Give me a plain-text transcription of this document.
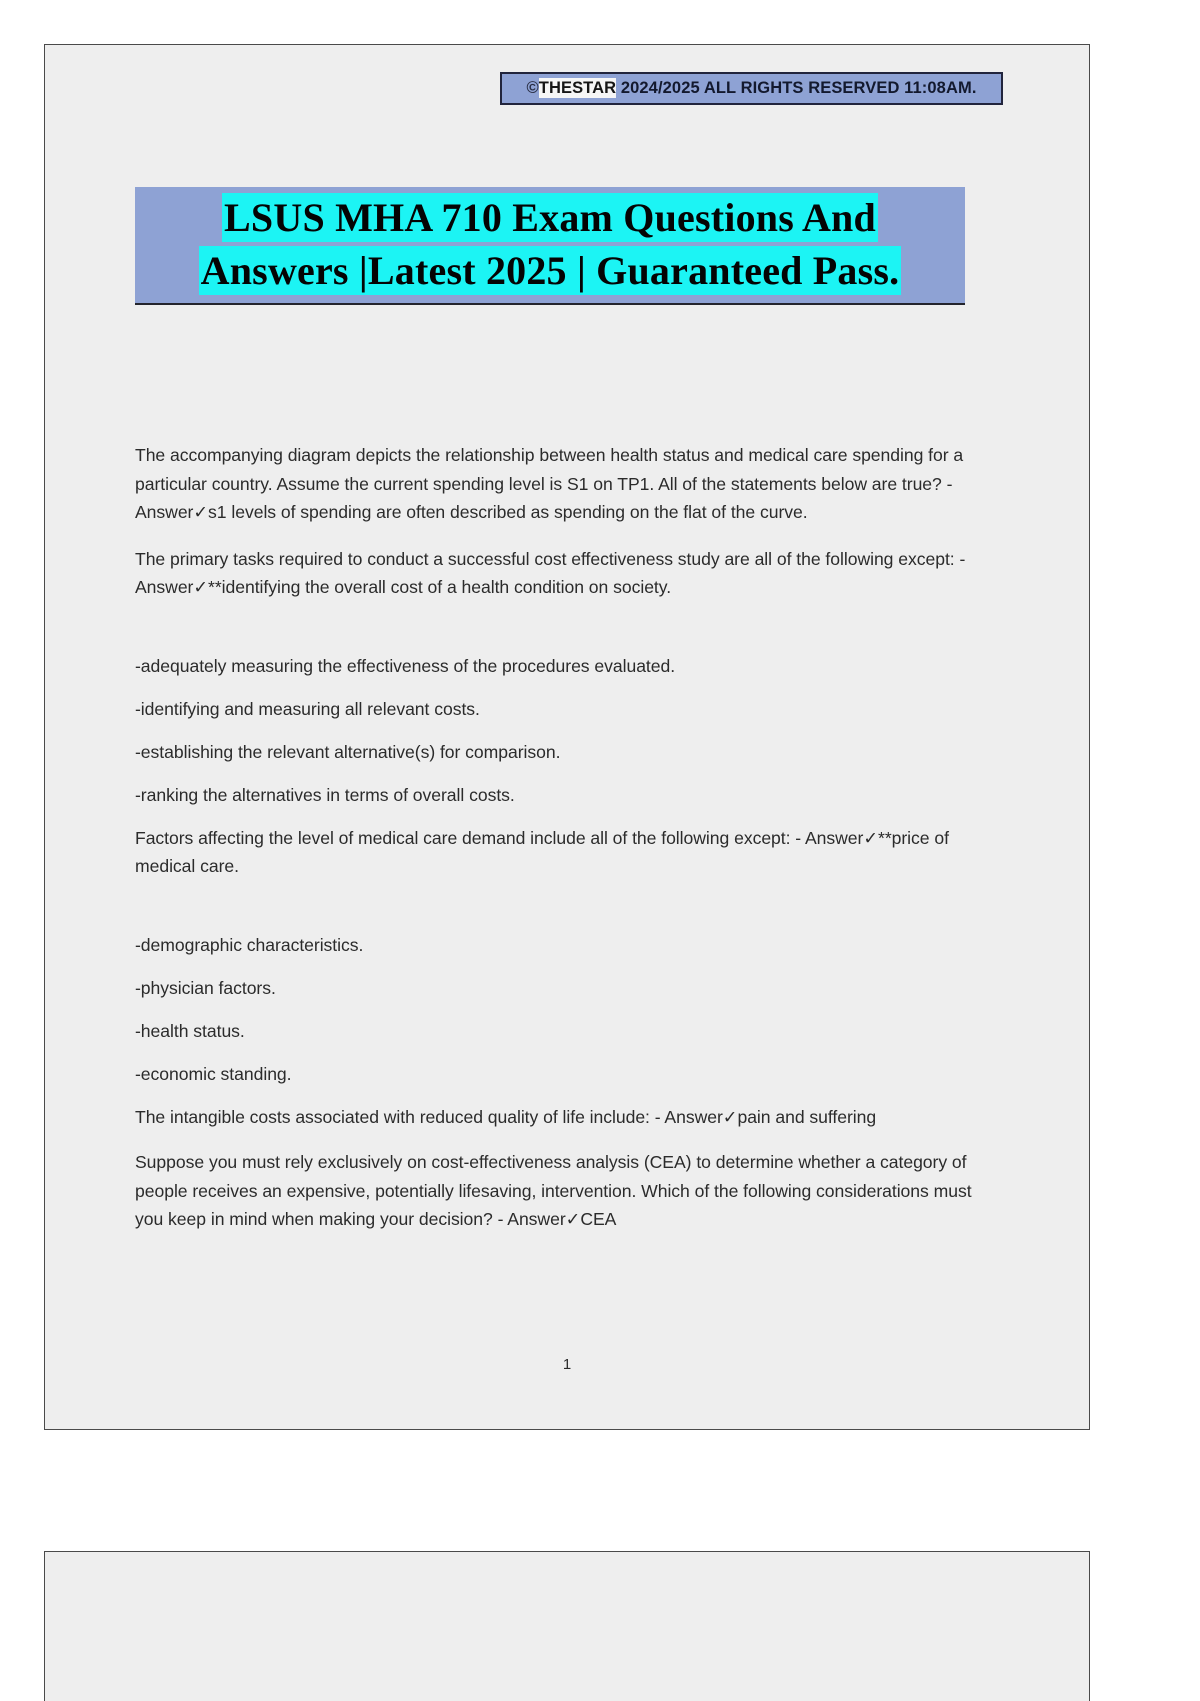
©THESTAR 2024/2025 ALL RIGHTS RESERVED 11:08AM.
LSUS MHA 710 Exam Questions And
Answers |Latest 2025 | Guaranteed Pass.

The accompanying diagram depicts the relationship between health status and medical care spending for a particular country. Assume the current spending level is S1 on TP1. All of the statements below are true? - Answer✓s1 levels of spending are often described as spending on the flat of the curve.

The primary tasks required to conduct a successful cost effectiveness study are all of the following except: - Answer✓**identifying the overall cost of a health condition on society.

-adequately measuring the effectiveness of the procedures evaluated.

-identifying and measuring all relevant costs.

-establishing the relevant alternative(s) for comparison.

-ranking the alternatives in terms of overall costs.

Factors affecting the level of medical care demand include all of the following except: - Answer✓**price of medical care.

-demographic characteristics.

-physician factors.

-health status.

-economic standing.

The intangible costs associated with reduced quality of life include: - Answer✓pain and suffering

Suppose you must rely exclusively on cost-effectiveness analysis (CEA) to determine whether a category of people receives an expensive, potentially lifesaving, intervention. Which of the following considerations must you keep in mind when making your decision? - Answer✓CEA

1
